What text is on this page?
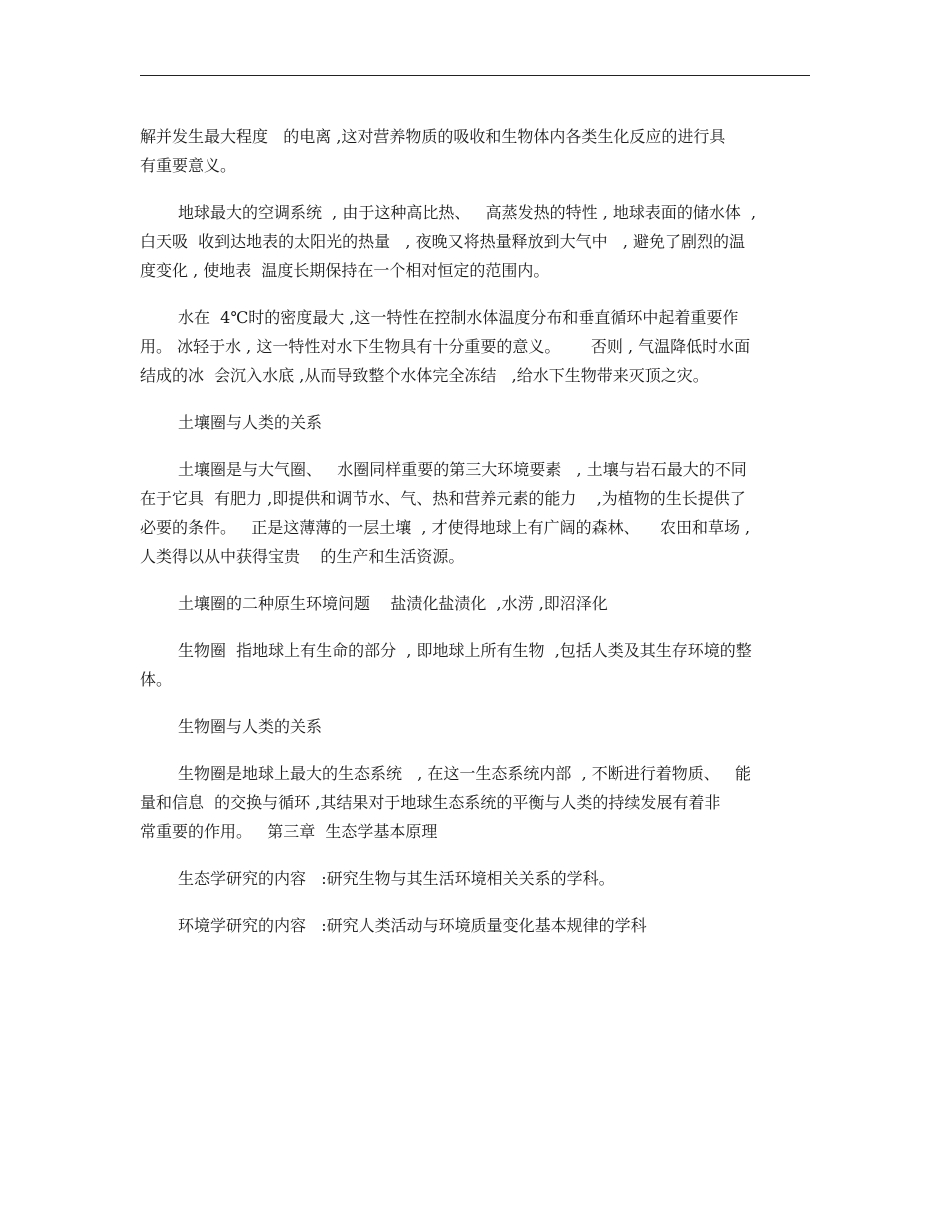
解并发生最大程度   的电离 ,这对营养物质的吸收和生物体内各类生化反应的进行具
有重要意义。

地球最大的空调系统  , 由于这种高比热、   高蒸发热的特性 , 地球表面的储水体  ,
白天吸  收到达地表的太阳光的热量   , 夜晚又将热量释放到大气中   , 避免了剧烈的温
度变化 , 使地表  温度长期保持在一个相对恒定的范围内。

水在  4℃时的密度最大 ,这一特性在控制水体温度分布和垂直循环中起着重要作
用。 冰轻于水 , 这一特性对水下生物具有十分重要的意义。      否则 , 气温降低时水面
结成的冰  会沉入水底 ,从而导致整个水体完全冻结   ,给水下生物带来灭顶之灾。

土壤圈与人类的关系

土壤圈是与大气圈、   水圈同样重要的第三大环境要素   , 土壤与岩石最大的不同
在于它具  有肥力 ,即提供和调节水、气、热和营养元素的能力    ,为植物的生长提供了
必要的条件。   正是这薄薄的一层土壤  , 才使得地球上有广阔的森林、    农田和草场 ,
人类得以从中获得宝贵    的生产和生活资源。

土壤圈的二种原生环境问题    盐渍化盐渍化  ,水涝 ,即沼泽化

生物圈  指地球上有生命的部分  , 即地球上所有生物  ,包括人类及其生存环境的整
体。

生物圈与人类的关系

生物圈是地球上最大的生态系统   , 在这一生态系统内部  , 不断进行着物质、   能
量和信息  的交换与循环 ,其结果对于地球生态系统的平衡与人类的持续发展有着非
常重要的作用。   第三章  生态学基本原理

生态学研究的内容   :研究生物与其生活环境相关关系的学科。

环境学研究的内容   :研究人类活动与环境质量变化基本规律的学科
